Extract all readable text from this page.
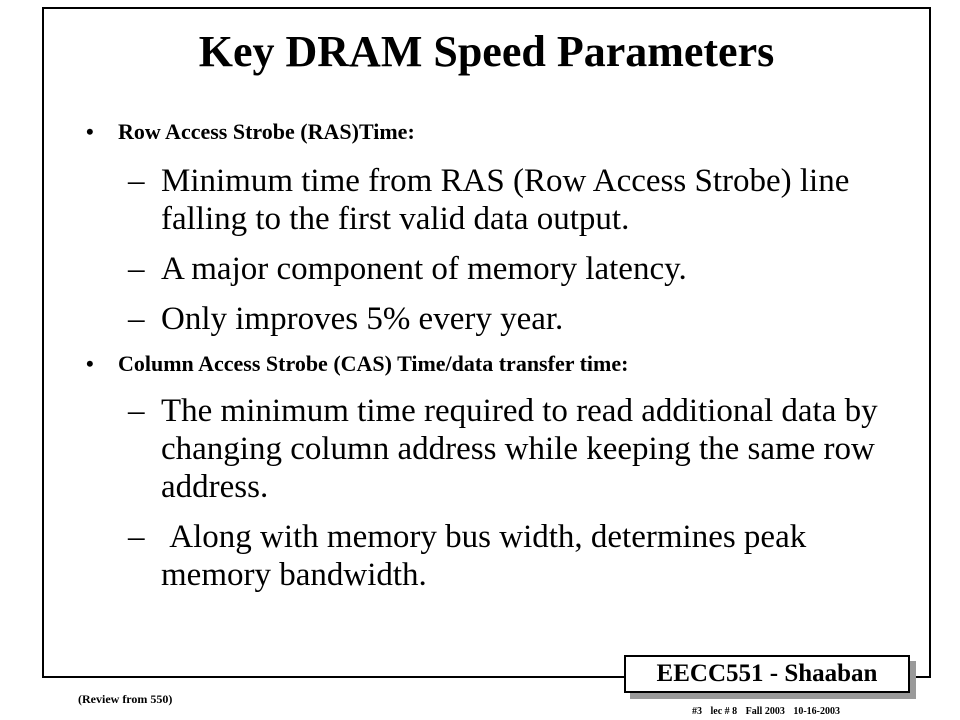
Key DRAM Speed Parameters
• Row Access Strobe (RAS)Time:
– Minimum time from RAS (Row Access Strobe) line falling to the first valid data output.
– A major component of memory latency.
– Only improves 5% every year.
• Column Access Strobe (CAS) Time/data transfer time:
– The minimum time required to read additional data by changing column address while keeping the same row address.
– Along with memory bus width, determines peak memory bandwidth.
EECC551 - Shaaban
(Review from 550)
#3 lec # 8 Fall 2003 10-16-2003
